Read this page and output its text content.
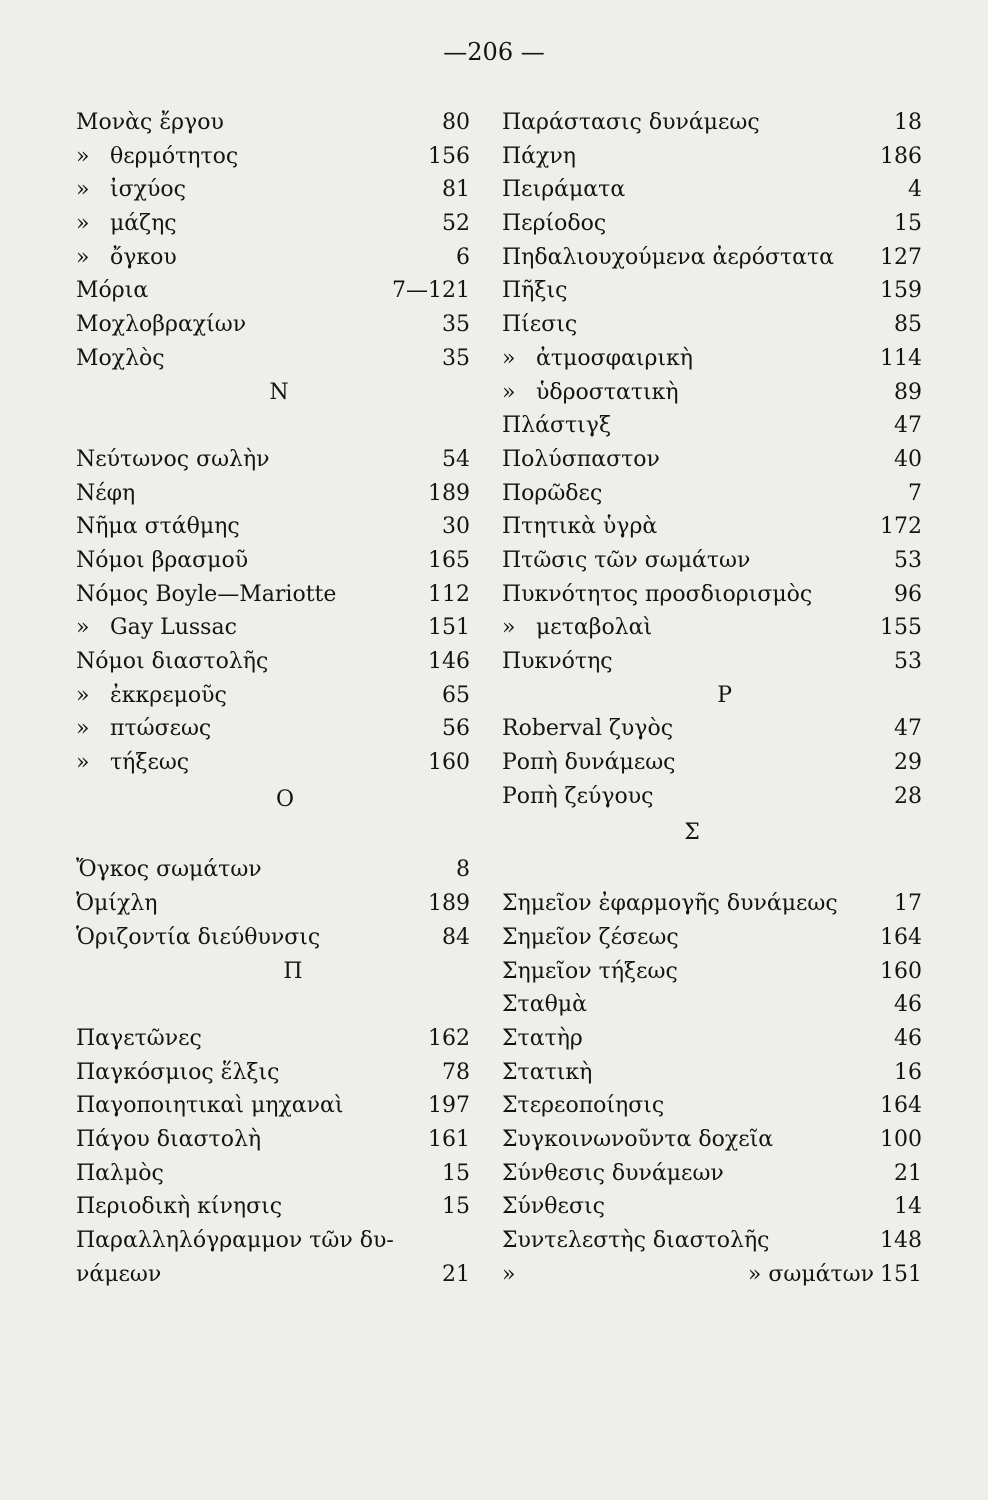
—206 —
Μονὰς ἔργου	80
» θερμότητος	156
» ἰσχύος	81
» μάζης	52
» ὄγκου	6
Μόρια	7—121
Μοχλοβραχίων	35
Μοχλὸς	35
Ν
Νεύτωνος σωλὴν	54
Νέφη	189
Νῆμα στάθμης	30
Νόμοι βρασμοῦ	165
Νόμος Boyle—Mariotte	112
» Gay Lussac	151
Νόμοι διαστολῆς	146
» ἐκκρεμοῦς	65
» πτώσεως	56
» τήξεως	160
Ο
Ὄγκος σωμάτων	8
Ὀμίχλη	189
Ὁριζοντία διεύθυνσις	84
Π
Παγετῶνες	162
Παγκόσμιος ἕλξις	78
Παγοποιητικαὶ μηχαναὶ	197
Πάγου διαστολὴ	161
Παλμὸς	15
Περιοδικὴ κίνησις	15
Παραλληλόγραμμον τῶν δυ-
νάμεων	21
Παράστασις δυνάμεως	18
Πάχνη	186
Πειράματα	4
Περίοδος	15
Πηδαλιουχούμενα ἀερόστατα	127
Πῆξις	159
Πίεσις	85
» ἀτμοσφαιρικὴ	114
» ὑδροστατικὴ	89
Πλάστιγξ	47
Πολύσπαστον	40
Πορῶδες	7
Πτητικὰ ὑγρὰ	172
Πτῶσις τῶν σωμάτων	53
Πυκνότητος προσδιορισμὸς	96
» μεταβολαὶ	155
Πυκνότης	53
Ρ
Roberval ζυγὸς	47
Ροπὴ δυνάμεως	29
Ροπὴ ζεύγους	28
Σ
Σημεῖον ἐφαρμογῆς δυνάμεως	17
Σημεῖον ζέσεως	164
Σημεῖον τήξεως	160
Σταθμὰ	46
Στατὴρ	46
Στατικὴ	16
Στερεοποίησις	164
Συγκοινωνοῦντα δοχεῖα	100
Σύνθεσις δυνάμεων	21
Σύνθεσις	14
Συντελεστὴς διαστολῆς	148
»	» σωμάτων 151
